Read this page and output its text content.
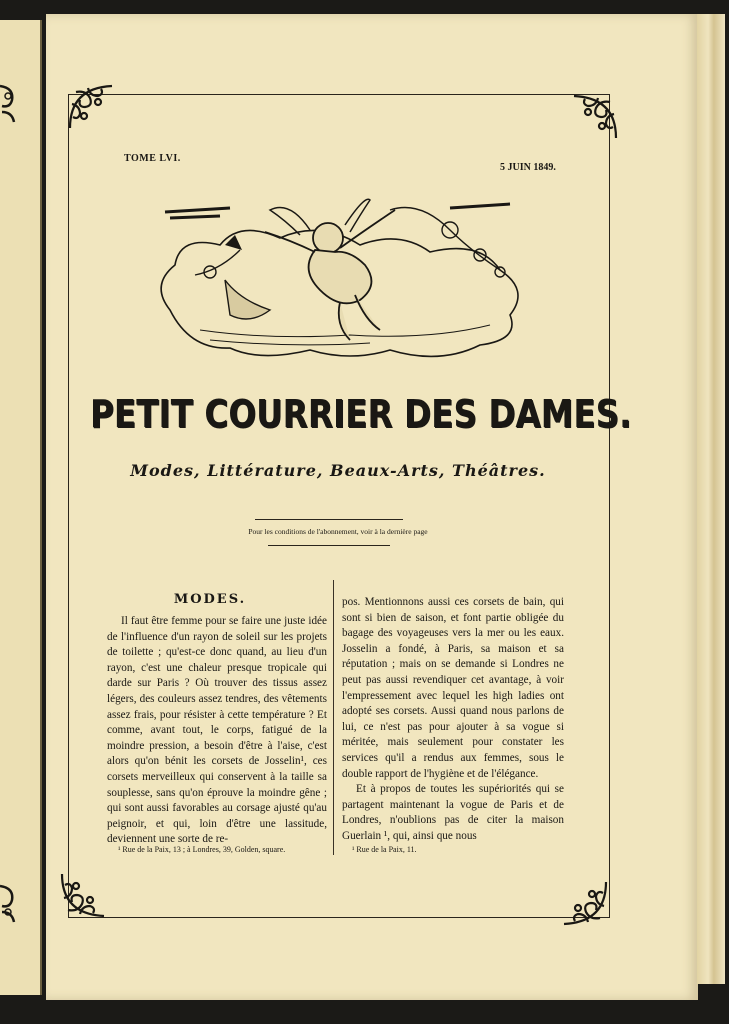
TOME LVI.
5 JUIN 1849.
PETIT COURRIER DES DAMES.
Modes, Littérature, Beaux-Arts, Théâtres.
Pour les conditions de l'abonnement, voir à la dernière page
MODES.

Il faut être femme pour se faire une juste idée de l'influence d'un rayon de soleil sur les projets de toilette ; qu'est-ce donc quand, au lieu d'un rayon, c'est une chaleur presque tropicale qui darde sur Paris ? Où trouver des tissus assez légers, des couleurs assez tendres, des vêtements assez frais, pour résister à cette température ? Et comme, avant tout, le corps, fatigué de la moindre pression, a besoin d'être à l'aise, c'est alors qu'on bénit les corsets de Josselin¹, ces corsets merveilleux qui conservent à la taille sa souplesse, sans qu'on éprouve la moindre gêne ; qui sont aussi favorables au corsage ajusté qu'au peignoir, et qui, loin d'être une lassitude, deviennent une sorte de re-

pos. Mentionnons aussi ces corsets de bain, qui sont si bien de saison, et font partie obligée du bagage des voyageuses vers la mer ou les eaux. Josselin a fondé, à Paris, sa maison et sa réputation ; mais on se demande si Londres ne peut pas aussi revendiquer cet avantage, à voir l'empressement avec lequel les high ladies ont adopté ses corsets. Aussi quand nous parlons de lui, ce n'est pas pour ajouter à sa vogue si méritée, mais seulement pour constater les services qu'il a rendus aux femmes, sous le double rapport de l'hygiène et de l'élégance.

Et à propos de toutes les supériorités qui se partagent maintenant la vogue de Paris et de Londres, n'oublions pas de citer la maison Guerlain ¹, qui, ainsi que nous

¹ Rue de la Paix, 13 ; à Londres, 39, Golden, square.	¹ Rue de la Paix, 11.
